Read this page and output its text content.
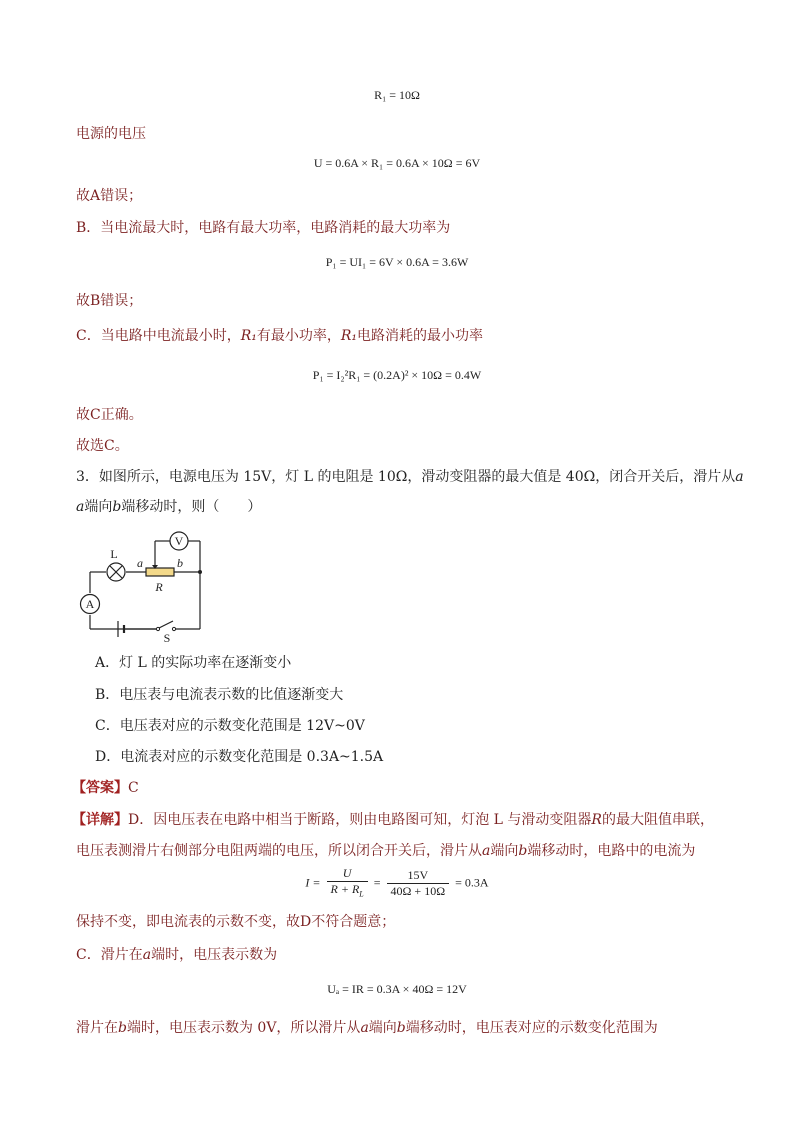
R₁ = 10Ω
电源的电压
U = 0.6A × R₁ = 0.6A × 10Ω = 6V
故A错误；
B．当电流最大时，电路有最大功率，电路消耗的最大功率为
P₁ = UI₁ = 6V × 0.6A = 3.6W
故B错误；
C．当电路中电流最小时，R₁有最小功率，R₁电路消耗的最小功率
P₁ = I₂²R₁ = (0.2A)² × 10Ω = 0.4W
故C正确。
故选C。
3．如图所示，电源电压为 15V，灯 L 的电阻是 10Ω，滑动变阻器的最大值是 40Ω，闭合开关后，滑片从a
a端向b端移动时，则（　　）
V
A
L
a	b
R
S
A．灯 L 的实际功率在逐渐变小
B．电压表与电流表示数的比值逐渐变大
C．电压表对应的示数变化范围是 12V~0V
D．电流表对应的示数变化范围是 0.3A~1.5A
【答案】C
【详解】D．因电压表在电路中相当于断路，则由电路图可知，灯泡 L 与滑动变阻器R的最大阻值串联，
电压表测滑片右侧部分电阻两端的电压，所以闭合开关后，滑片从a端向b端移动时，电路中的电流为
$I = \frac{U}{R + R_L} = \frac{15V}{40\Omega + 10\Omega} = 0.3A$
保持不变，即电流表的示数不变，故D不符合题意；
C．滑片在a端时，电压表示数为
Uₐ = IR = 0.3A × 40Ω = 12V
滑片在b端时，电压表示数为 0V，所以滑片从a端向b端移动时，电压表对应的示数变化范围为
